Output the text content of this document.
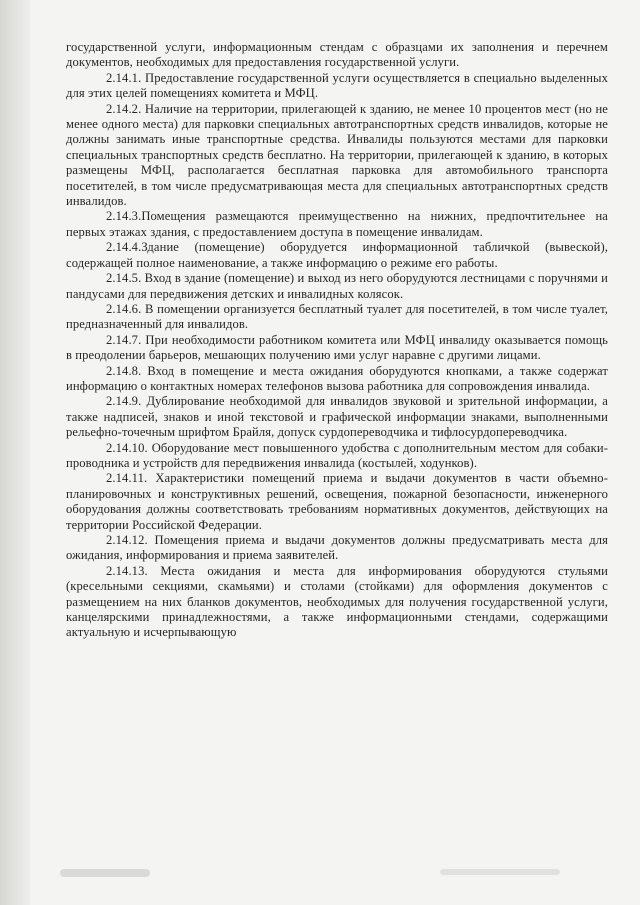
государственной услуги, информационным стендам с образцами их заполнения и перечнем документов, необходимых для предоставления государственной услуги.

2.14.1. Предоставление государственной услуги осуществляется в специально выделенных для этих целей помещениях комитета и МФЦ.

2.14.2. Наличие на территории, прилегающей к зданию, не менее 10 процентов мест (но не менее одного места) для парковки специальных автотранспортных средств инвалидов, которые не должны занимать иные транспортные средства. Инвалиды пользуются местами для парковки специальных транспортных средств бесплатно. На территории, прилегающей к зданию, в которых размещены МФЦ, располагается бесплатная парковка для автомобильного транспорта посетителей, в том числе предусматривающая места для специальных автотранспортных средств инвалидов.

2.14.3.Помещения размещаются преимущественно на нижних, предпочтительнее на первых этажах здания, с предоставлением доступа в помещение инвалидам.

2.14.4.Здание (помещение) оборудуется информационной табличкой (вывеской), содержащей полное наименование, а также информацию о режиме его работы.

2.14.5. Вход в здание (помещение) и выход из него оборудуются лестницами с поручнями и пандусами для передвижения детских и инвалидных колясок.

2.14.6. В помещении организуется бесплатный туалет для посетителей, в том числе туалет, предназначенный для инвалидов.

2.14.7. При необходимости работником комитета или МФЦ инвалиду оказывается помощь в преодолении барьеров, мешающих получению ими услуг наравне с другими лицами.

2.14.8. Вход в помещение и места ожидания оборудуются кнопками, а также содержат информацию о контактных номерах телефонов вызова работника для сопровождения инвалида.

2.14.9. Дублирование необходимой для инвалидов звуковой и зрительной информации, а также надписей, знаков и иной текстовой и графической информации знаками, выполненными рельефно-точечным шрифтом Брайля, допуск сурдопереводчика и тифлосурдопереводчика.

2.14.10. Оборудование мест повышенного удобства с дополнительным местом для собаки-проводника и устройств для передвижения инвалида (костылей, ходунков).

2.14.11. Характеристики помещений приема и выдачи документов в части объемно-планировочных и конструктивных решений, освещения, пожарной безопасности, инженерного оборудования должны соответствовать требованиям нормативных документов, действующих на территории Российской Федерации.

2.14.12. Помещения приема и выдачи документов должны предусматривать места для ожидания, информирования и приема заявителей.

2.14.13. Места ожидания и места для информирования оборудуются стульями (кресельными секциями, скамьями) и столами (стойками) для оформления документов с размещением на них бланков документов, необходимых для получения государственной услуги, канцелярскими принадлежностями, а также информационными стендами, содержащими актуальную и исчерпывающую
